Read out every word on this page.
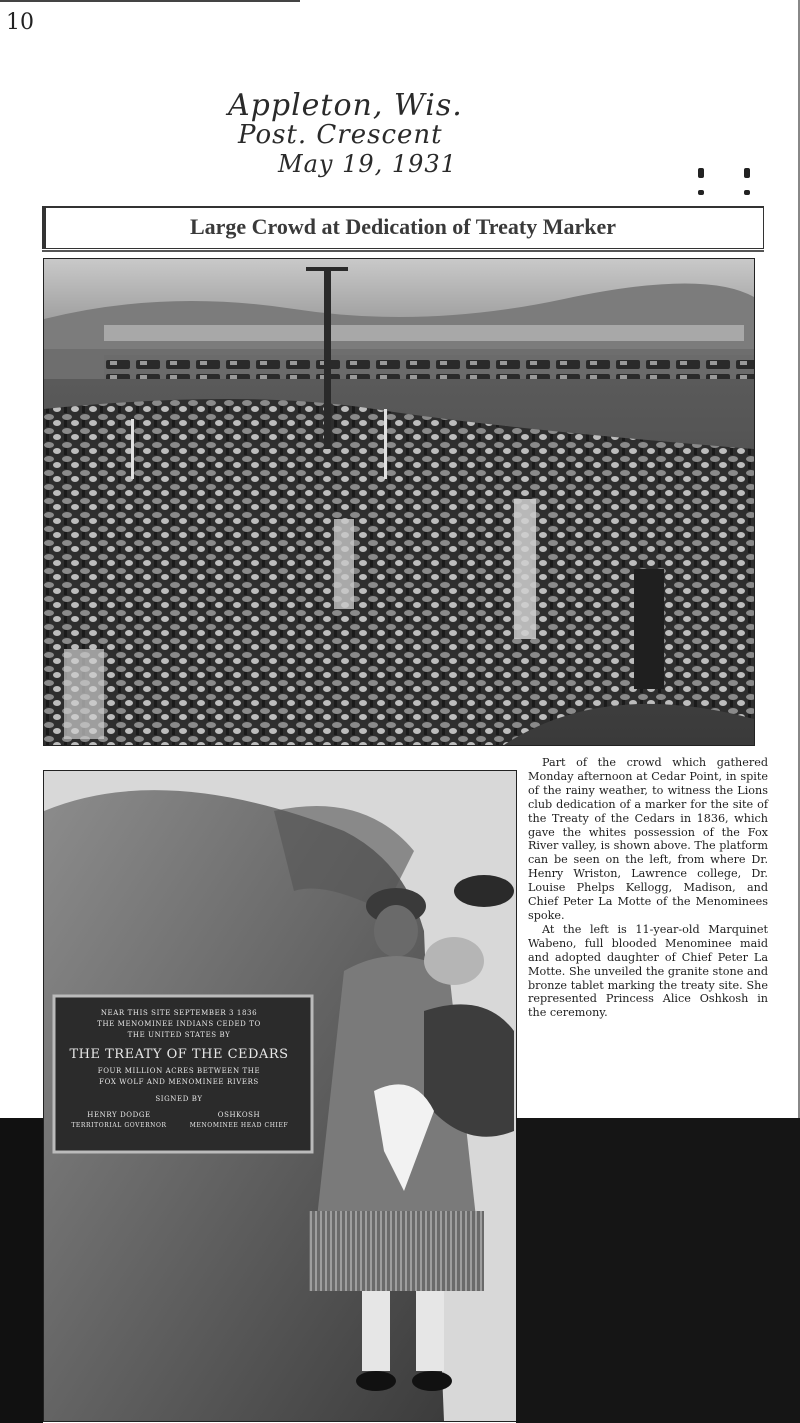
10
Appleton, Wis.
Post. Crescent
May 19, 1931
Large Crowd at Dedication of Treaty Marker
NEAR THIS SITE SEPTEMBER 3 1836
THE MENOMINEE INDIANS CEDED TO
THE UNITED STATES BY
THE TREATY OF THE CEDARS
FOUR MILLION ACRES BETWEEN THE
FOX WOLF AND MENOMINEE RIVERS
SIGNED BY
HENRY DODGE
TERRITORIAL GOVERNOR
OSHKOSH
MENOMINEE HEAD CHIEF

Part of the crowd which gathered Monday afternoon at Cedar Point, in spite of the rainy weather, to witness the Lions club dedication of a marker for the site of the Treaty of the Cedars in 1836, which gave the whites possession of the Fox River valley, is shown above. The platform can be seen on the left, from where Dr. Henry Wriston, Lawrence college, Dr. Louise Phelps Kellogg, Madison, and Chief Peter La Motte of the Menominees spoke.

At the left is 11-year-old Marquinet Wabeno, full blooded Menominee maid and adopted daughter of Chief Peter La Motte. She unveiled the granite stone and bronze tablet marking the treaty site. She represented Princess Alice Oshkosh in the ceremony.
